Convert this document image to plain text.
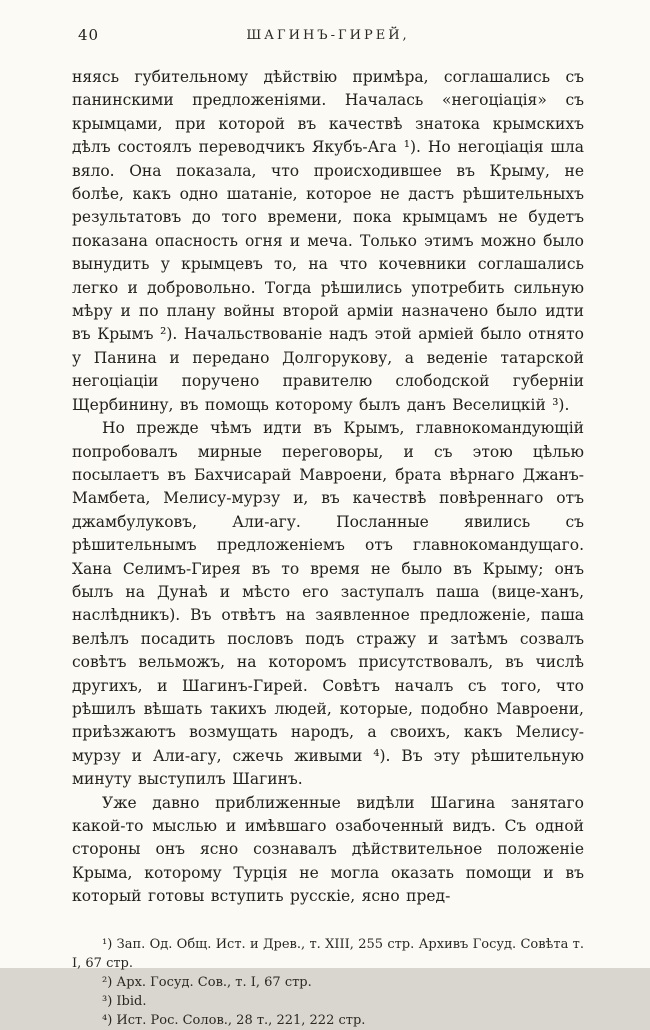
40	ШАГИНЪ-ГИРЕЙ,

няясь губительному дѣйствію примѣра, соглашались съ панинскими предложеніями. Началась «негоціація» съ крымцами, при которой въ качествѣ знатока крымскихъ дѣлъ состоялъ переводчикъ Якубъ-Ага ¹). Но негоціація шла вяло. Она показала, что происходившее въ Крыму, не болѣе, какъ одно шатаніе, которое не дастъ рѣшительныхъ результатовъ до того времени, пока крымцамъ не будетъ показана опасность огня и меча. Только этимъ можно было вынудить у крымцевъ то, на что кочевники соглашались легко и добровольно. Тогда рѣшились употребить сильную мѣру и по плану войны второй арміи назначено было идти въ Крымъ ²). Начальствованіе надъ этой арміей было отнято у Панина и передано Долгорукову, а веденіе татарской негоціаціи поручено правителю слободской губерніи Щербинину, въ помощь которому былъ данъ Веселицкій ³).

Но прежде чѣмъ идти въ Крымъ, главнокомандующій попробовалъ мирные переговоры, и съ этою цѣлью посылаетъ въ Бахчисарай Мавроени, брата вѣрнаго Джанъ-Мамбета, Мелису-мурзу и, въ качествѣ повѣреннаго отъ джамбулуковъ, Али-агу. Посланные явились съ рѣшительнымъ предложеніемъ отъ главнокомандущаго. Хана Селимъ-Гирея въ то время не было въ Крыму; онъ былъ на Дунаѣ и мѣсто его заступалъ паша (вице-ханъ, наслѣдникъ). Въ отвѣтъ на заявленное предложеніе, паша велѣлъ посадить пословъ подъ стражу и затѣмъ созвалъ совѣтъ вельможъ, на которомъ присутствовалъ, въ числѣ другихъ, и Шагинъ-Гирей. Совѣтъ началъ съ того, что рѣшилъ вѣшать такихъ людей, которые, подобно Мавроени, приѣзжаютъ возмущать народъ, а своихъ, какъ Мелису-мурзу и Али-агу, сжечь живыми ⁴). Въ эту рѣшительную минуту выступилъ Шагинъ.

Уже давно приближенные видѣли Шагина занятаго какой-то мыслью и имѣвшаго озабоченный видъ. Съ одной стороны онъ ясно сознавалъ дѣйствительное положеніе Крыма, которому Турція не могла оказать помощи и въ который готовы вступить русскіе, ясно пред-

¹) Зап. Од. Общ. Ист. и Древ., т. XIII, 255 стр. Архивъ Госуд. Совѣта т. I, 67 стр.

²) Арх. Госуд. Сов., т. I, 67 стр.

³) Ibid.

⁴) Ист. Рос. Солов., 28 т., 221, 222 стр.
